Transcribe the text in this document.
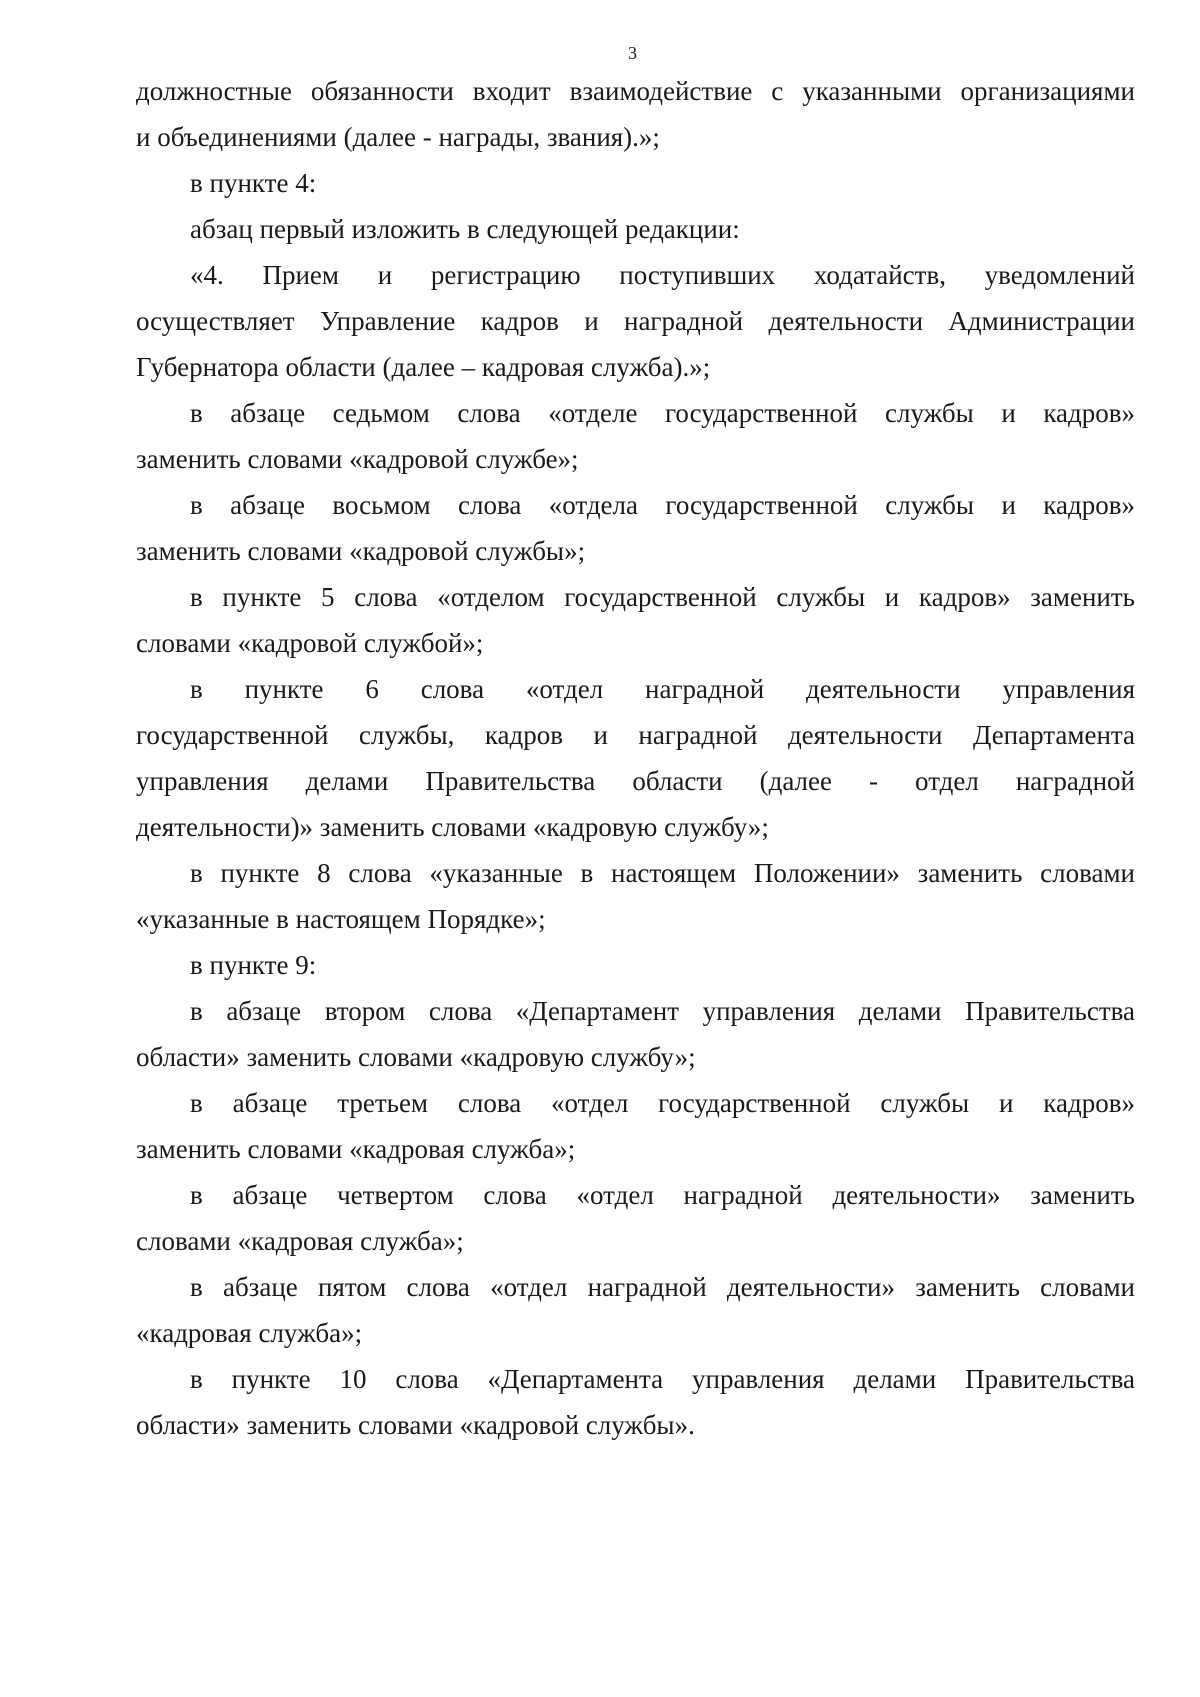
3
должностные обязанности входит взаимодействие с указанными организациями
и объединениями (далее - награды, звания).»;
в пункте 4:
абзац первый изложить в следующей редакции:
«4. Прием и регистрацию поступивших ходатайств, уведомлений
осуществляет Управление кадров и наградной деятельности Администрации
Губернатора области (далее – кадровая служба).»;
в абзаце седьмом слова «отделе государственной службы и кадров»
заменить словами «кадровой службе»;
в абзаце восьмом слова «отдела государственной службы и кадров»
заменить словами «кадровой службы»;
в пункте 5 слова «отделом государственной службы и кадров» заменить
словами «кадровой службой»;
в пункте 6 слова «отдел наградной деятельности управления
государственной службы, кадров и наградной деятельности Департамента
управления делами Правительства области (далее - отдел наградной
деятельности)» заменить словами «кадровую службу»;
в пункте 8 слова «указанные в настоящем Положении» заменить словами
«указанные в настоящем Порядке»;
в пункте 9:
в абзаце втором слова «Департамент управления делами Правительства
области» заменить словами «кадровую службу»;
в абзаце третьем слова «отдел государственной службы и кадров»
заменить словами «кадровая служба»;
в абзаце четвертом слова «отдел наградной деятельности» заменить
словами «кадровая служба»;
в абзаце пятом слова «отдел наградной деятельности» заменить словами
«кадровая служба»;
в пункте 10 слова «Департамента управления делами Правительства
области» заменить словами «кадровой службы».
